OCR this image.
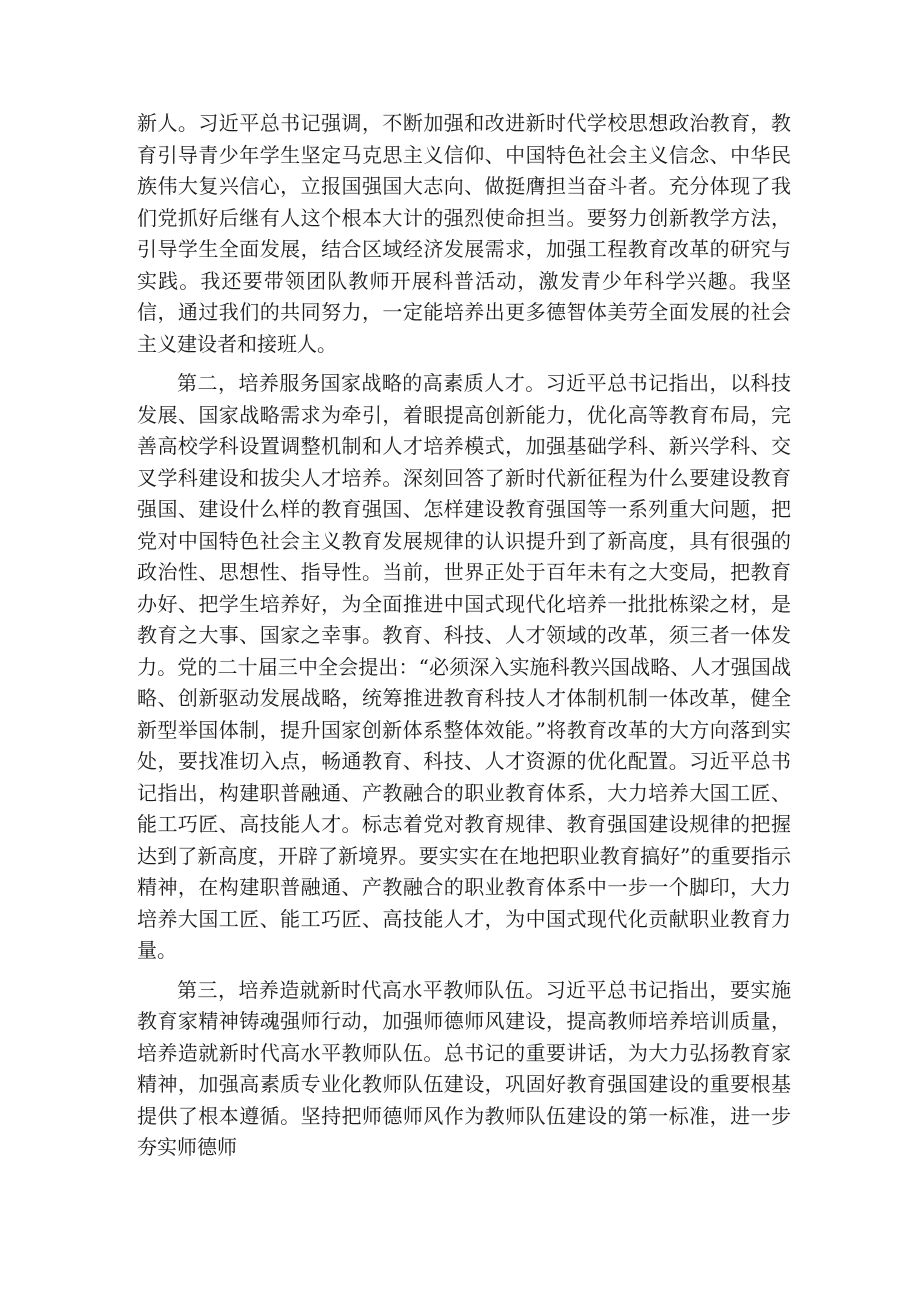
新人。习近平总书记强调，不断加强和改进新时代学校思想政治教育，教育引导青少年学生坚定马克思主义信仰、中国特色社会主义信念、中华民族伟大复兴信心，立报国强国大志向、做挺膺担当奋斗者。充分体现了我们党抓好后继有人这个根本大计的强烈使命担当。要努力创新教学方法，引导学生全面发展，结合区域经济发展需求，加强工程教育改革的研究与实践。我还要带领团队教师开展科普活动，激发青少年科学兴趣。我坚信，通过我们的共同努力，一定能培养出更多德智体美劳全面发展的社会主义建设者和接班人。

第二，培养服务国家战略的高素质人才。习近平总书记指出，以科技发展、国家战略需求为牵引，着眼提高创新能力，优化高等教育布局，完善高校学科设置调整机制和人才培养模式，加强基础学科、新兴学科、交叉学科建设和拔尖人才培养。深刻回答了新时代新征程为什么要建设教育强国、建设什么样的教育强国、怎样建设教育强国等一系列重大问题，把党对中国特色社会主义教育发展规律的认识提升到了新高度，具有很强的政治性、思想性、指导性。当前，世界正处于百年未有之大变局，把教育办好、把学生培养好，为全面推进中国式现代化培养一批批栋梁之材，是教育之大事、国家之幸事。教育、科技、人才领域的改革，须三者一体发力。党的二十届三中全会提出：“必须深入实施科教兴国战略、人才强国战略、创新驱动发展战略，统筹推进教育科技人才体制机制一体改革，健全新型举国体制，提升国家创新体系整体效能。”将教育改革的大方向落到实处，要找准切入点，畅通教育、科技、人才资源的优化配置。习近平总书记指出，构建职普融通、产教融合的职业教育体系，大力培养大国工匠、能工巧匠、高技能人才。标志着党对教育规律、教育强国建设规律的把握达到了新高度，开辟了新境界。要实实在在地把职业教育搞好”的重要指示精神，在构建职普融通、产教融合的职业教育体系中一步一个脚印，大力培养大国工匠、能工巧匠、高技能人才，为中国式现代化贡献职业教育力量。

第三，培养造就新时代高水平教师队伍。习近平总书记指出，要实施教育家精神铸魂强师行动，加强师德师风建设，提高教师培养培训质量，培养造就新时代高水平教师队伍。总书记的重要讲话，为大力弘扬教育家精神，加强高素质专业化教师队伍建设，巩固好教育强国建设的重要根基提供了根本遵循。坚持把师德师风作为教师队伍建设的第一标准，进一步夯实师德师
